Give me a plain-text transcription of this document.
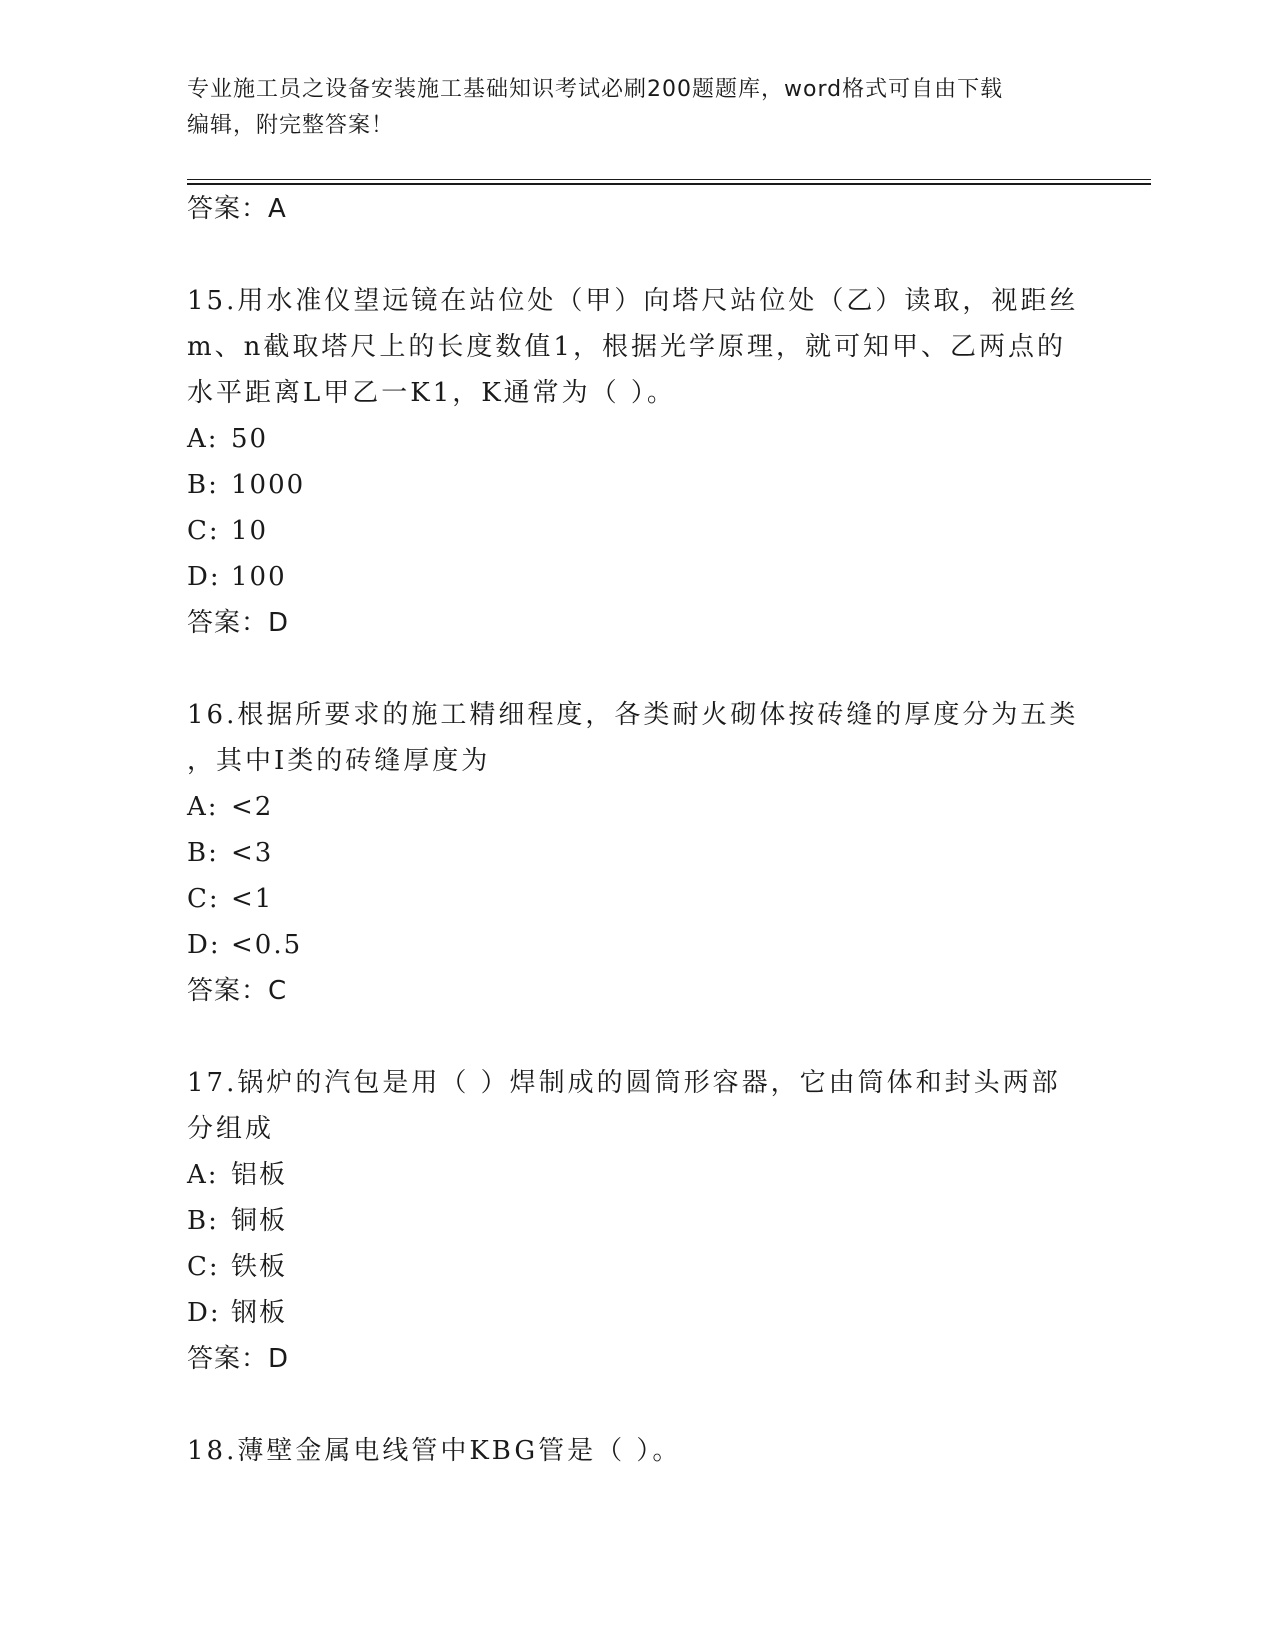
专业施工员之设备安装施工基础知识考试必刷200题题库，word格式可自由下载
编辑，附完整答案！
答案：A
15.用水准仪望远镜在站位处（甲）向塔尺站位处（乙）读取，视距丝
m、n截取塔尺上的长度数值1，根据光学原理，就可知甲、乙两点的
水平距离L甲乙一K1，K通常为（ ）。
A: 50
B: 1000
C: 10
D: 100
答案：D
16.根据所要求的施工精细程度，各类耐火砌体按砖缝的厚度分为五类
，其中I类的砖缝厚度为
A: <2
B: <3
C: <1
D: <0.5
答案：C
17.锅炉的汽包是用（ ）焊制成的圆筒形容器，它由筒体和封头两部
分组成
A: 铝板
B: 铜板
C: 铁板
D: 钢板
答案：D
18.薄壁金属电线管中KBG管是（ ）。
